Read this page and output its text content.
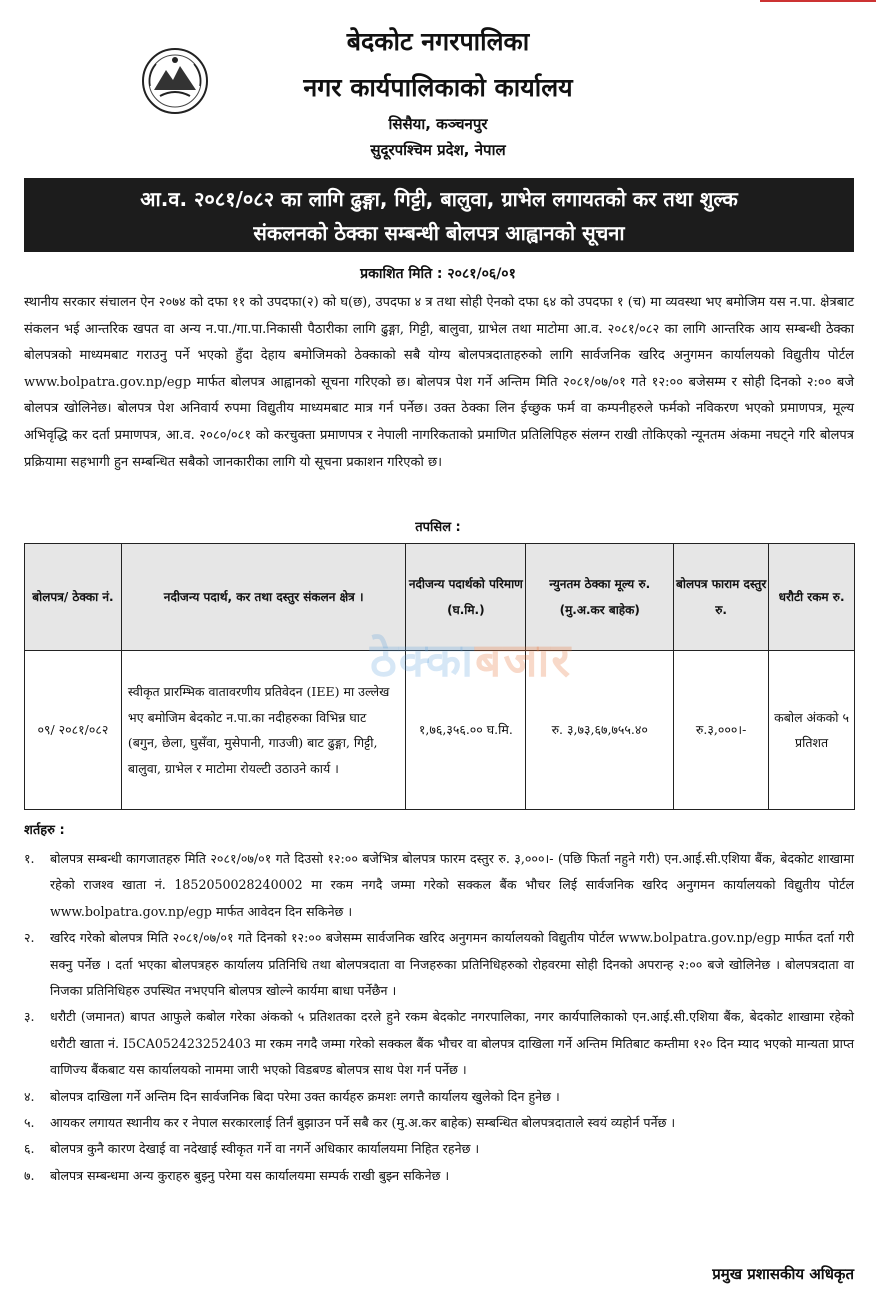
बेदकोट नगरपालिका
नगर कार्यपालिकाको कार्यालय
सिसैया, कञ्चनपुर
सुदूरपश्चिम प्रदेश, नेपाल
आ.व. २०८१/०८२ का लागि ढुङ्गा, गिट्टी, बालुवा, ग्राभेल लगायतको कर तथा शुल्क
संकलनको ठेक्का सम्बन्धी बोलपत्र आह्वानको सूचना
प्रकाशित मिति : २०८१/०६/०१
स्थानीय सरकार संचालन ऐन २०७४ को दफा ११ को उपदफा(२) को घ(छ), उपदफा ४ त्र तथा सोही ऐनको दफा ६४ को उपदफा १ (च) मा व्यवस्था भए बमोजिम यस न.पा. क्षेत्रबाट संकलन भई आन्तरिक खपत वा अन्य न.पा./गा.पा.निकासी पैठारीका लागि ढुङ्गा, गिट्टी, बालुवा, ग्राभेल तथा माटोमा आ.व. २०८१/०८२ का लागि आन्तरिक आय सम्बन्धी ठेक्का बोलपत्रको माध्यमबाट गराउनु पर्ने भएको हुँदा देहाय बमोजिमको ठेक्काको सबै योग्य बोलपत्रदाताहरुको लागि सार्वजनिक खरिद अनुगमन कार्यालयको विद्युतीय पोर्टल www.bolpatra.gov.np/egp मार्फत बोलपत्र आह्वानको सूचना गरिएको छ। बोलपत्र पेश गर्ने अन्तिम मिति २०८१/०७/०१ गते १२:०० बजेसम्म र सोही दिनको २:०० बजे बोलपत्र खोलिनेछ। बोलपत्र पेश अनिवार्य रुपमा विद्युतीय माध्यमबाट मात्र गर्न पर्नेछ। उक्त ठेक्का लिन ईच्छुक फर्म वा कम्पनीहरुले फर्मको नविकरण भएको प्रमाणपत्र, मूल्य अभिवृद्धि कर दर्ता प्रमाणपत्र, आ.व. २०८०/०८१ को करचुक्ता प्रमाणपत्र र नेपाली नागरिकताको प्रमाणित प्रतिलिपिहरु संलग्न राखी तोकिएको न्यूनतम अंकमा नघट्ने गरि बोलपत्र प्रक्रियामा सहभागी हुन सम्बन्धित सबैको जानकारीका लागि यो सूचना प्रकाशन गरिएको छ।
तपसिल :
बोलपत्र/ ठेक्का नं.	नदीजन्य पदार्थ, कर तथा दस्तुर संकलन क्षेत्र ।	नदीजन्य पदार्थको परिमाण (घ.मि.)	न्युनतम ठेक्का मूल्य रु. (मु.अ.कर बाहेक)	बोलपत्र फाराम दस्तुर रु.	धरौटी रकम रु.
०९/ २०८१/०८२	स्वीकृत प्रारम्भिक वातावरणीय प्रतिवेदन (IEE) मा उल्लेख भए बमोजिम बेदकोट न.पा.का नदीहरुका विभिन्न घाट (बगुन, छेला, घुसँवा, मुसेपानी, गाउजी) बाट ढुङ्गा, गिट्टी, बालुवा, ग्राभेल र माटोमा रोयल्टी उठाउने कार्य ।	१,७६,३५६.०० घ.मि.	रु. ३,७३,६७,७५५.४०	रु.३,०००।-	कबोल अंकको ५ प्रतिशत
ठेक्काबजार
शर्तहरु :
१. बोलपत्र सम्बन्धी कागजातहरु मिति २०८१/०७/०१ गते दिउसो १२:०० बजेभित्र बोलपत्र फारम दस्तुर रु. ३,०००।- (पछि फिर्ता नहुने गरी) एन.आई.सी.एशिया बैंक, बेदकोट शाखामा रहेको राजश्व खाता नं. 185205002824000​2 मा रकम नगदै जम्मा गरेको सक्कल बैंक भौचर लिई सार्वजनिक खरिद अनुगमन कार्यालयको विद्युतीय पोर्टल www.bolpatra.gov.np/egp मार्फत आवेदन दिन सकिनेछ ।

२. खरिद गरेको बोलपत्र मिति २०८१/०७/०१ गते दिनको १२:०० बजेसम्म सार्वजनिक खरिद अनुगमन कार्यालयको विद्युतीय पोर्टल www.bolpatra.gov.np/egp मार्फत दर्ता गरी सक्नु पर्नेछ । दर्ता भएका बोलपत्रहरु कार्यालय प्रतिनिधि तथा बोलपत्रदाता वा निजहरुका प्रतिनिधिहरुको रोहवरमा सोही दिनको अपरान्ह २:०० बजे खोलिनेछ । बोलपत्रदाता वा निजका प्रतिनिधिहरु उपस्थित नभएपनि बोलपत्र खोल्ने कार्यमा बाधा पर्नेछैन ।

३. धरौटी (जमानत) बापत आफुले कबोल गरेका अंकको ५ प्रतिशतका दरले हुने रकम बेदकोट नगरपालिका, नगर कार्यपालिकाको एन.आई.सी.एशिया बैंक, बेदकोट शाखामा रहेको धरौटी खाता नं. I5CA052423252403 मा रकम नगदै जम्मा गरेको सक्कल बैंक भौचर वा बोलपत्र दाखिला गर्ने अन्तिम मितिबाट कम्तीमा १२० दिन म्याद भएको मान्यता प्राप्त वाणिज्य बैंकबाट यस कार्यालयको नाममा जारी भएको विडबण्ड बोलपत्र साथ पेश गर्न पर्नेछ ।

४. बोलपत्र दाखिला गर्ने अन्तिम दिन सार्वजनिक बिदा परेमा उक्त कार्यहरु क्रमशः लगत्तै कार्यालय खुलेको दिन हुनेछ ।

५. आयकर लगायत स्थानीय कर र नेपाल सरकारलाई तिर्नं बुझाउन पर्ने सबै कर (मु.अ.कर बाहेक) सम्बन्धित बोलपत्रदाताले स्वयं व्यहोर्न पर्नेछ ।

६. बोलपत्र कुनै कारण देखाई वा नदेखाई स्वीकृत गर्ने वा नगर्ने अधिकार कार्यालयमा निहित रहनेछ ।

७. बोलपत्र सम्बन्धमा अन्य कुराहरु बुझ्नु परेमा यस कार्यालयमा सम्पर्क राखी बुझ्न सकिनेछ ।

प्रमुख प्रशासकीय अधिकृत
